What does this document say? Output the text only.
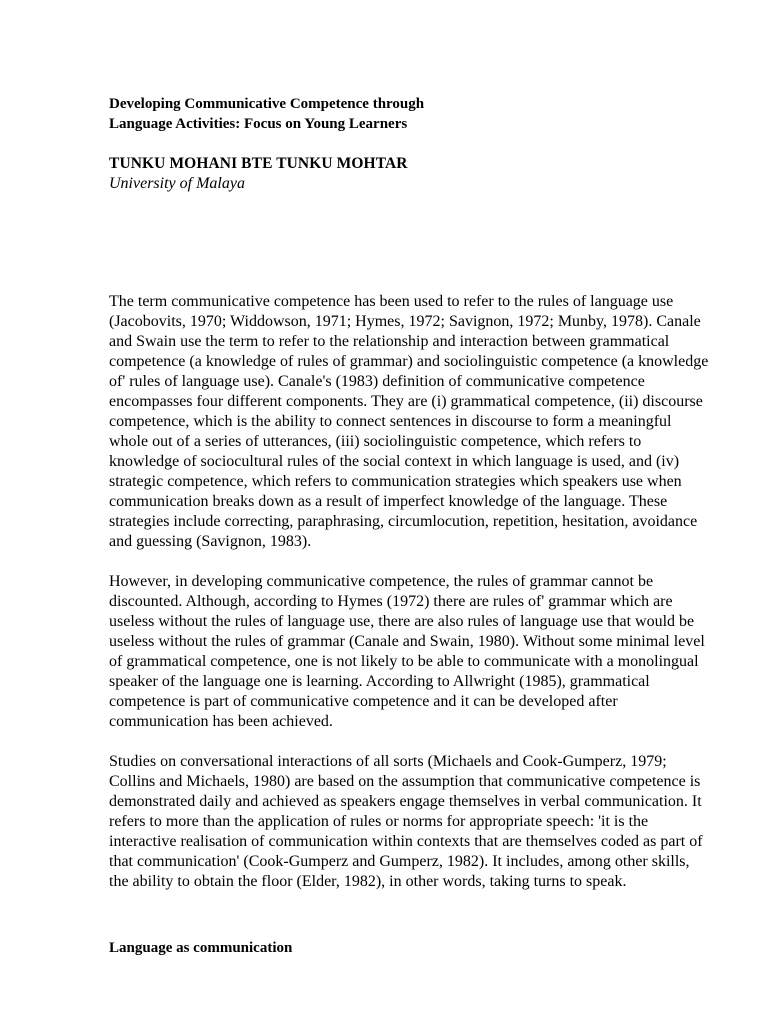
Developing Communicative Competence through

Language Activities: Focus on Young Learners

TUNKU MOHANI BTE TUNKU MOHTAR

University of Malaya

The term communicative competence has been used to refer to the rules of language use (Jacobovits, 1970; Widdowson, 1971; Hymes, 1972; Savignon, 1972; Munby, 1978). Canale and Swain use the term to refer to the relationship and interaction between grammatical competence (a knowledge of rules of grammar) and sociolinguistic competence (a knowledge of' rules of language use). Canale's (1983) definition of communicative competence encompasses four different components. They are (i) grammatical competence, (ii) discourse competence, which is the ability to connect sentences in discourse to form a meaningful whole out of a series of utterances, (iii) sociolinguistic competence, which refers to knowledge of sociocultural rules of the social context in which language is used, and (iv) strategic competence, which refers to communication strategies which speakers use when communication breaks down as a result of imperfect knowledge of the language. These strategies include correcting, paraphrasing, circumlocution, repetition, hesitation, avoidance and guessing (Savignon, 1983).

However, in developing communicative competence, the rules of grammar cannot be discounted. Although, according to Hymes (1972) there are rules of' grammar which are useless without the rules of language use, there are also rules of language use that would be useless without the rules of grammar (Canale and Swain, 1980). Without some minimal level of grammatical competence, one is not likely to be able to communicate with a monolingual speaker of the language one is learning. According to Allwright (1985), grammatical competence is part of communicative competence and it can be developed after communication has been achieved.

Studies on conversational interactions of all sorts (Michaels and Cook-Gumperz, 1979; Collins and Michaels, 1980) are based on the assumption that communicative competence is demonstrated daily and achieved as speakers engage themselves in verbal communication. It refers to more than the application of rules or norms for appropriate speech: 'it is the interactive realisation of communication within contexts that are themselves coded as part of that communication' (Cook-Gumperz and Gumperz, 1982). It includes, among other skills, the ability to obtain the floor (Elder, 1982), in other words, taking turns to speak.

Language as communication
